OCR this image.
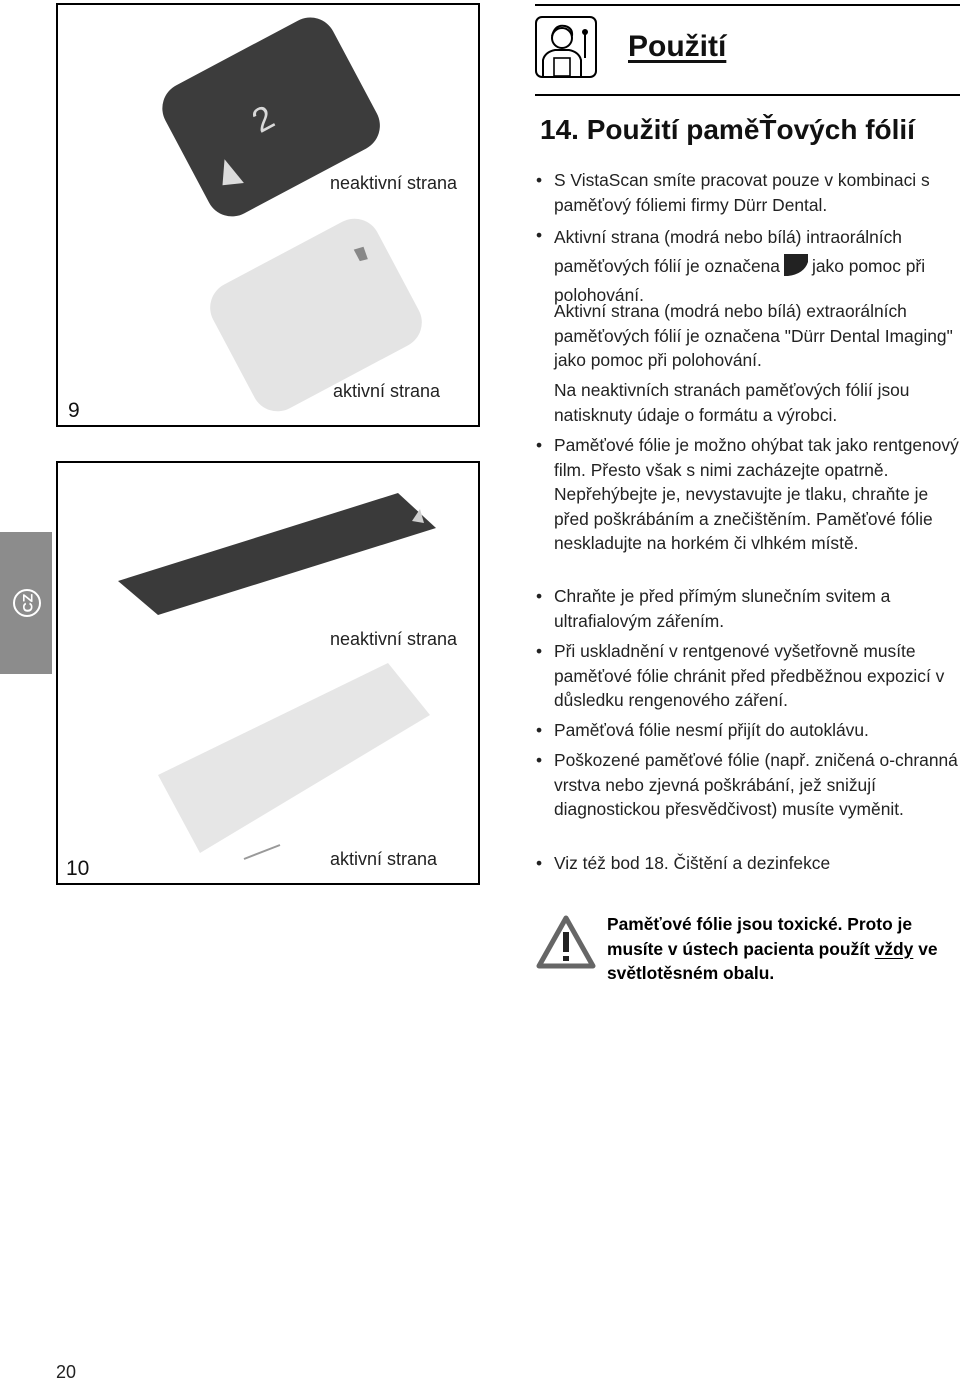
CZ
2
neaktivní strana
aktivní strana
9
neaktivní strana
aktivní strana
10
Použití
14. Použití paměŤových fólií
• S VistaScan smíte pracovat pouze v kombinaci s paměťový fóliemi firmy Dürr Dental.
• Aktivní strana (modrá nebo bílá) intraorálních paměťových fólií je označena jako pomoc při polohování.
Aktivní strana (modrá nebo bílá) extraorálních paměťových fólií je označena "Dürr Dental Imaging" jako pomoc při polohování.
Na neaktivních stranách paměťových fólií jsou natisknuty údaje o formátu a výrobci.
• Paměťové fólie je možno ohýbat tak jako rentgenový film. Přesto však s nimi zacházejte opatrně. Nepřehýbejte je, nevystavujte je tlaku, chraňte je před poškrábáním a znečištěním. Paměťové fólie neskladujte na horkém či vlhkém místě.
• Chraňte je před přímým slunečním svitem a ultrafialovým zářením.
• Při uskladnění v rentgenové vyšetřovně musíte paměťové fólie chránit před předběžnou expozicí v důsledku rengenového záření.
• Paměťová fólie nesmí přijít do autoklávu.
• Poškozené paměťové fólie (např. zničená o-chranná vrstva nebo zjevná poškrábání, jež snižují diagnostickou přesvědčivost) musíte vyměnit.
• Viz též bod 18. Čištění a dezinfekce
Paměťové fólie jsou toxické. Proto je musíte v ústech pacienta použít vždy ve světlotěsném obalu.
20
